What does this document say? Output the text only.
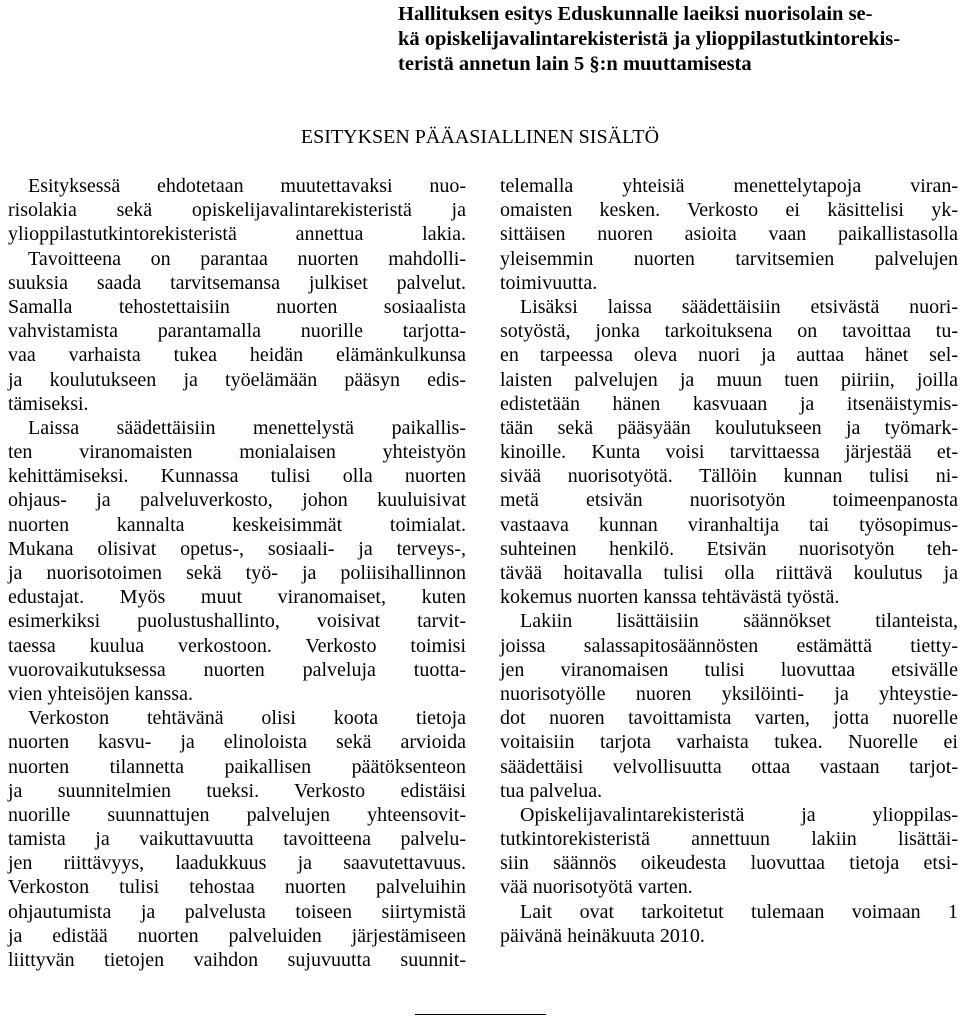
Hallituksen esitys Eduskunnalle laeiksi nuorisolain se-
kä opiskelijavalintarekisteristä ja ylioppilastutkintorekis-
teristä annetun lain 5 §:n muuttamisesta
ESITYKSEN PÄÄASIALLINEN SISÄLTÖ
Esityksessä ehdotetaan muutettavaksi nuo-
risolakia sekä opiskelijavalintarekisteristä ja
ylioppilastutkintorekisteristä annettua lakia.
Tavoitteena on parantaa nuorten mahdolli-
suuksia saada tarvitsemansa julkiset palvelut.
Samalla tehostettaisiin nuorten sosiaalista
vahvistamista parantamalla nuorille tarjotta-
vaa varhaista tukea heidän elämänkulkunsa
ja koulutukseen ja työelämään pääsyn edis-
tämiseksi.
Laissa säädettäisiin menettelystä paikallis-
ten viranomaisten monialaisen yhteistyön
kehittämiseksi. Kunnassa tulisi olla nuorten
ohjaus- ja palveluverkosto, johon kuuluisivat
nuorten kannalta keskeisimmät toimialat.
Mukana olisivat opetus-, sosiaali- ja terveys-,
ja nuorisotoimen sekä työ- ja poliisihallinnon
edustajat. Myös muut viranomaiset, kuten
esimerkiksi puolustushallinto, voisivat tarvit-
taessa kuulua verkostoon. Verkosto toimisi
vuorovaikutuksessa nuorten palveluja tuotta-
vien yhteisöjen kanssa.
Verkoston tehtävänä olisi koota tietoja
nuorten kasvu- ja elinoloista sekä arvioida
nuorten tilannetta paikallisen päätöksenteon
ja suunnitelmien tueksi. Verkosto edistäisi
nuorille suunnattujen palvelujen yhteensovit-
tamista ja vaikuttavuutta tavoitteena palvelu-
jen riittävyys, laadukkuus ja saavutettavuus.
Verkoston tulisi tehostaa nuorten palveluihin
ohjautumista ja palvelusta toiseen siirtymistä
ja edistää nuorten palveluiden järjestämiseen
liittyvän tietojen vaihdon sujuvuutta suunnit-
telemalla yhteisiä menettelytapoja viran-
omaisten kesken. Verkosto ei käsittelisi yk-
sittäisen nuoren asioita vaan paikallistasolla
yleisemmin nuorten tarvitsemien palvelujen
toimivuutta.
Lisäksi laissa säädettäisiin etsivästä nuori-
sotyöstä, jonka tarkoituksena on tavoittaa tu-
en tarpeessa oleva nuori ja auttaa hänet sel-
laisten palvelujen ja muun tuen piiriin, joilla
edistetään hänen kasvuaan ja itsenäistymis-
tään sekä pääsyään koulutukseen ja työmark-
kinoille. Kunta voisi tarvittaessa järjestää et-
sivää nuorisotyötä. Tällöin kunnan tulisi ni-
metä etsivän nuorisotyön toimeenpanosta
vastaava kunnan viranhaltija tai työsopimus-
suhteinen henkilö. Etsivän nuorisotyön teh-
tävää hoitavalla tulisi olla riittävä koulutus ja
kokemus nuorten kanssa tehtävästä työstä.
Lakiin lisättäisiin säännökset tilanteista,
joissa salassapitosäännösten estämättä tietty-
jen viranomaisen tulisi luovuttaa etsivälle
nuorisotyölle nuoren yksilöinti- ja yhteystie-
dot nuoren tavoittamista varten, jotta nuorelle
voitaisiin tarjota varhaista tukea. Nuorelle ei
säädettäisi velvollisuutta ottaa vastaan tarjot-
tua palvelua.
Opiskelijavalintarekisteristä ja ylioppilas-
tutkintorekisteristä annettuun lakiin lisättäi-
siin säännös oikeudesta luovuttaa tietoja etsi-
vää nuorisotyötä varten.
Lait ovat tarkoitetut tulemaan voimaan 1
päivänä heinäkuuta 2010.
